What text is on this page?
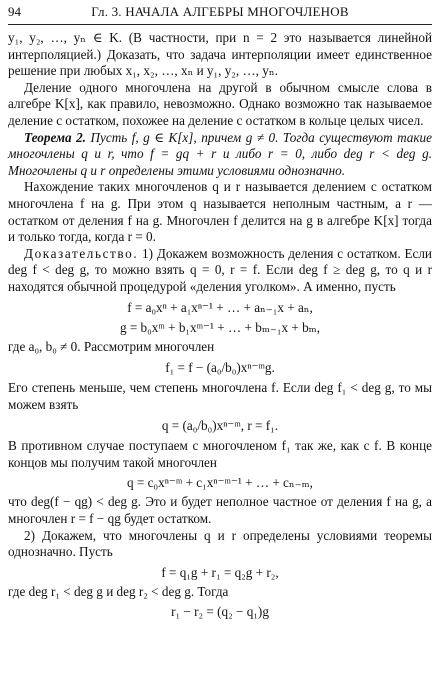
94	Гл. 3. НАЧАЛА АЛГЕБРЫ МНОГОЧЛЕНОВ

y₁, y₂, …, yₙ ∈ K. (В частности, при n = 2 это называется линейной интерполяцией.) Доказать, что задача интерполяции имеет единственное решение при любых x₁, x₂, …, xₙ и y₁, y₂, …, yₙ.

Деление одного многочлена на другой в обычном смысле слова в алгебре K[x], как правило, невозможно. Однако возможно так называемое деление с остатком, похожее на деление с остатком в кольце целых чисел.

Теорема 2. Пусть f, g ∈ K[x], причем g ≠ 0. Тогда существуют такие многочлены q и r, что f = gq + r и либо r = 0, либо deg r < deg g. Многочлены q и r определены этими условиями однозначно.

Нахождение таких многочленов q и r называется делением с остатком многочлена f на g. При этом q называется неполным частным, а r — остатком от деления f на g. Многочлен f делится на g в алгебре K[x] тогда и только тогда, когда r = 0.

Доказательство. 1) Докажем возможность деления с остатком. Если deg f < deg g, то можно взять q = 0, r = f. Если deg f ≥ deg g, то q и r находятся обычной процедурой «деления уголком». А именно, пусть

f = a₀xⁿ + a₁xⁿ⁻¹ + … + aₙ₋₁x + aₙ,
g = b₀xᵐ + b₁xᵐ⁻¹ + … + bₘ₋₁x + bₘ,

где a₀, b₀ ≠ 0. Рассмотрим многочлен

f₁ = f − (a₀/b₀)xⁿ⁻ᵐg.

Его степень меньше, чем степень многочлена f. Если deg f₁ < deg g, то мы можем взять

q = (a₀/b₀)xⁿ⁻ᵐ, r = f₁.

В противном случае поступаем с многочленом f₁ так же, как с f. В конце концов мы получим такой многочлен

q = c₀xⁿ⁻ᵐ + c₁xⁿ⁻ᵐ⁻¹ + … + cₙ₋ₘ,

что deg(f − qg) < deg g. Это и будет неполное частное от деления f на g, а многочлен r = f − qg будет остатком.

2) Докажем, что многочлены q и r определены условиями теоремы однозначно. Пусть

f = q₁g + r₁ = q₂g + r₂,

где deg r₁ < deg g и deg r₂ < deg g. Тогда

r₁ − r₂ = (q₂ − q₁)g
